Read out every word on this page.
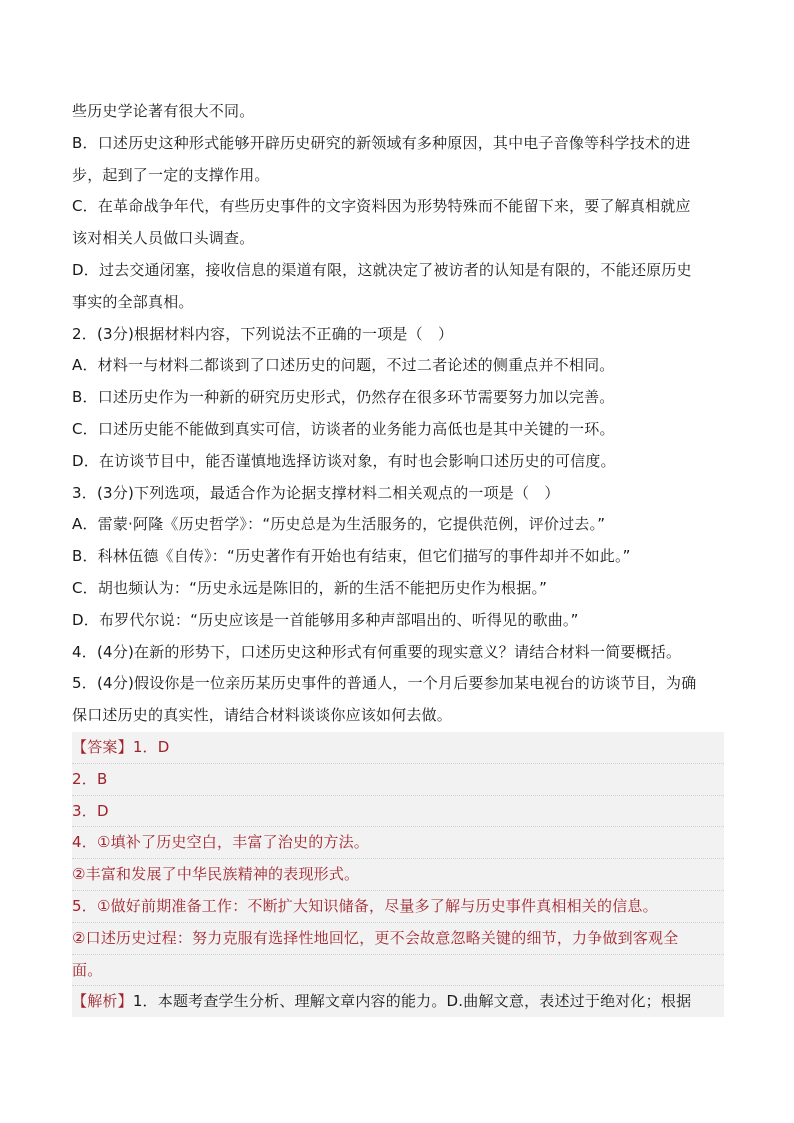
些历史学论著有很大不同。
B．口述历史这种形式能够开辟历史研究的新领域有多种原因，其中电子音像等科学技术的进
步，起到了一定的支撑作用。
C．在革命战争年代，有些历史事件的文字资料因为形势特殊而不能留下来，要了解真相就应
该对相关人员做口头调查。
D．过去交通闭塞，接收信息的渠道有限，这就决定了被访者的认知是有限的，不能还原历史
事实的全部真相。
2．(3分)根据材料内容，下列说法不正确的一项是（　）
A．材料一与材料二都谈到了口述历史的问题，不过二者论述的侧重点并不相同。
B．口述历史作为一种新的研究历史形式，仍然存在很多环节需要努力加以完善。
C．口述历史能不能做到真实可信，访谈者的业务能力高低也是其中关键的一环。
D．在访谈节目中，能否谨慎地选择访谈对象，有时也会影响口述历史的可信度。
3．(3分)下列选项，最适合作为论据支撑材料二相关观点的一项是（　）
A．雷蒙·阿隆《历史哲学》：“历史总是为生活服务的，它提供范例，评价过去。”
B．科林伍德《自传》：“历史著作有开始也有结束，但它们描写的事件却并不如此。”
C．胡也频认为：“历史永远是陈旧的，新的生活不能把历史作为根据。”
D．布罗代尔说：“历史应该是一首能够用多种声部唱出的、听得见的歌曲。”
4．(4分)在新的形势下，口述历史这种形式有何重要的现实意义？请结合材料一简要概括。
5．(4分)假设你是一位亲历某历史事件的普通人，一个月后要参加某电视台的访谈节目，为确
保口述历史的真实性，请结合材料谈谈你应该如何去做。
【答案】1．D
2．B
3．D
4．①填补了历史空白，丰富了治史的方法。
②丰富和发展了中华民族精神的表现形式。
5．①做好前期准备工作：不断扩大知识储备，尽量多了解与历史事件真相相关的信息。
②口述历史过程：努力克服有选择性地回忆，更不会故意忽略关键的细节，力争做到客观全
面。
【解析】1．本题考查学生分析、理解文章内容的能力。D.曲解文意，表述过于绝对化；根据
